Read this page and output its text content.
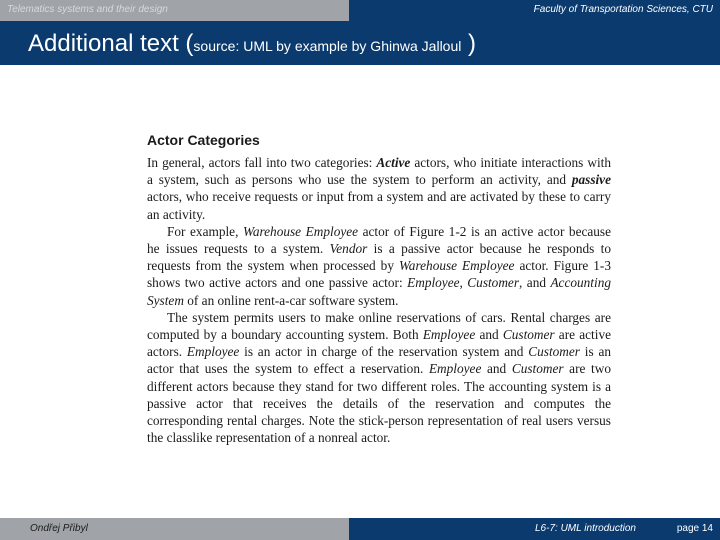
Telematics systems and their design	Faculty of Transportation Sciences, CTU
Additional text (source: UML by example by Ghinwa Jalloul )
Actor Categories

In general, actors fall into two categories: Active actors, who initiate interactions with a system, such as persons who use the system to perform an activity, and passive actors, who receive requests or input from a system and are activated by these to carry an activity.

For example, Warehouse Employee actor of Figure 1-2 is an active actor because he issues requests to a system. Vendor is a passive actor because he responds to requests from the system when processed by Warehouse Employee actor. Figure 1-3 shows two active actors and one passive actor: Employee, Customer, and Accounting System of an online rent-a-car software system.

The system permits users to make online reservations of cars. Rental charges are computed by a boundary accounting system. Both Employee and Customer are active actors. Employee is an actor in charge of the reservation system and Customer is an actor that uses the system to effect a reservation. Employee and Customer are two different actors because they stand for two different roles. The accounting system is a passive actor that receives the details of the reservation and computes the corresponding rental charges. Note the stick-person representation of real users versus the classlike representation of a nonreal actor.

Ondřej Přibyl	L6-7: UML introduction	page 14
